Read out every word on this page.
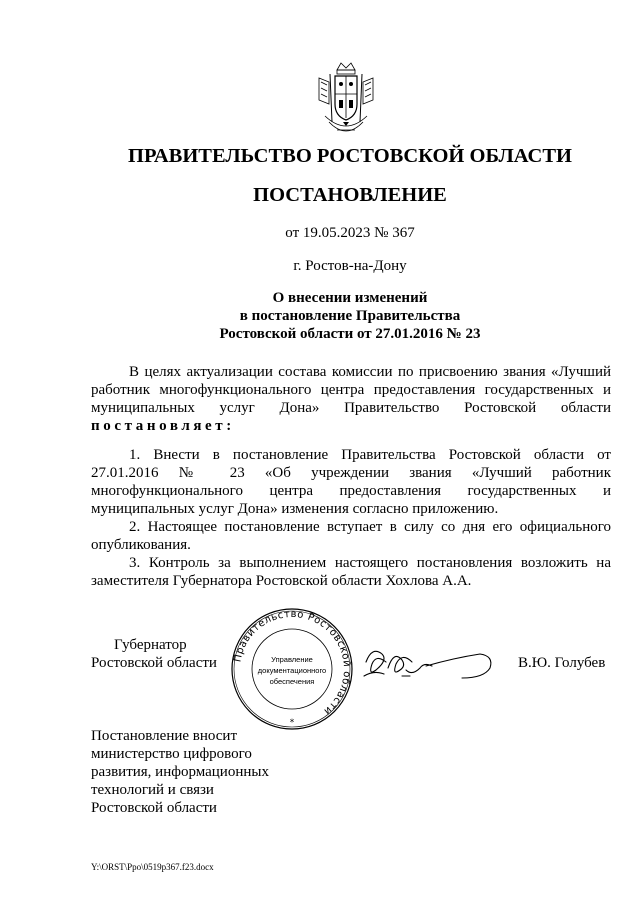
ПРАВИТЕЛЬСТВО РОСТОВСКОЙ ОБЛАСТИ
ПОСТАНОВЛЕНИЕ
от 19.05.2023 № 367
г. Ростов-на-Дону
О внесении изменений
в постановление Правительства
Ростовской области от 27.01.2016 № 23

В целях актуализации состава комиссии по присвоению звания «Лучший работник многофункционального центра предоставления государственных и муниципальных услуг Дона» Правительство Ростовской области постановляет:

1. Внести в постановление Правительства Ростовской области от 27.01.2016 № 23 «Об учреждении звания «Лучший работник многофункционального центра предоставления государственных и муниципальных услуг Дона» изменения согласно приложению.

2. Настоящее постановление вступает в силу со дня его официального опубликования.

3. Контроль за выполнением настоящего постановления возложить на заместителя Губернатора Ростовской области Хохлова А.А.

Губернатор
Ростовской области Правительство Ростовской области
Управление
документационного
обеспечения
*
В.Ю. Голубев
Постановление вносит
министерство цифрового
развития, информационных
технологий и связи
Ростовской области
Y:\ORST\Ppo\0519p367.f23.docx
